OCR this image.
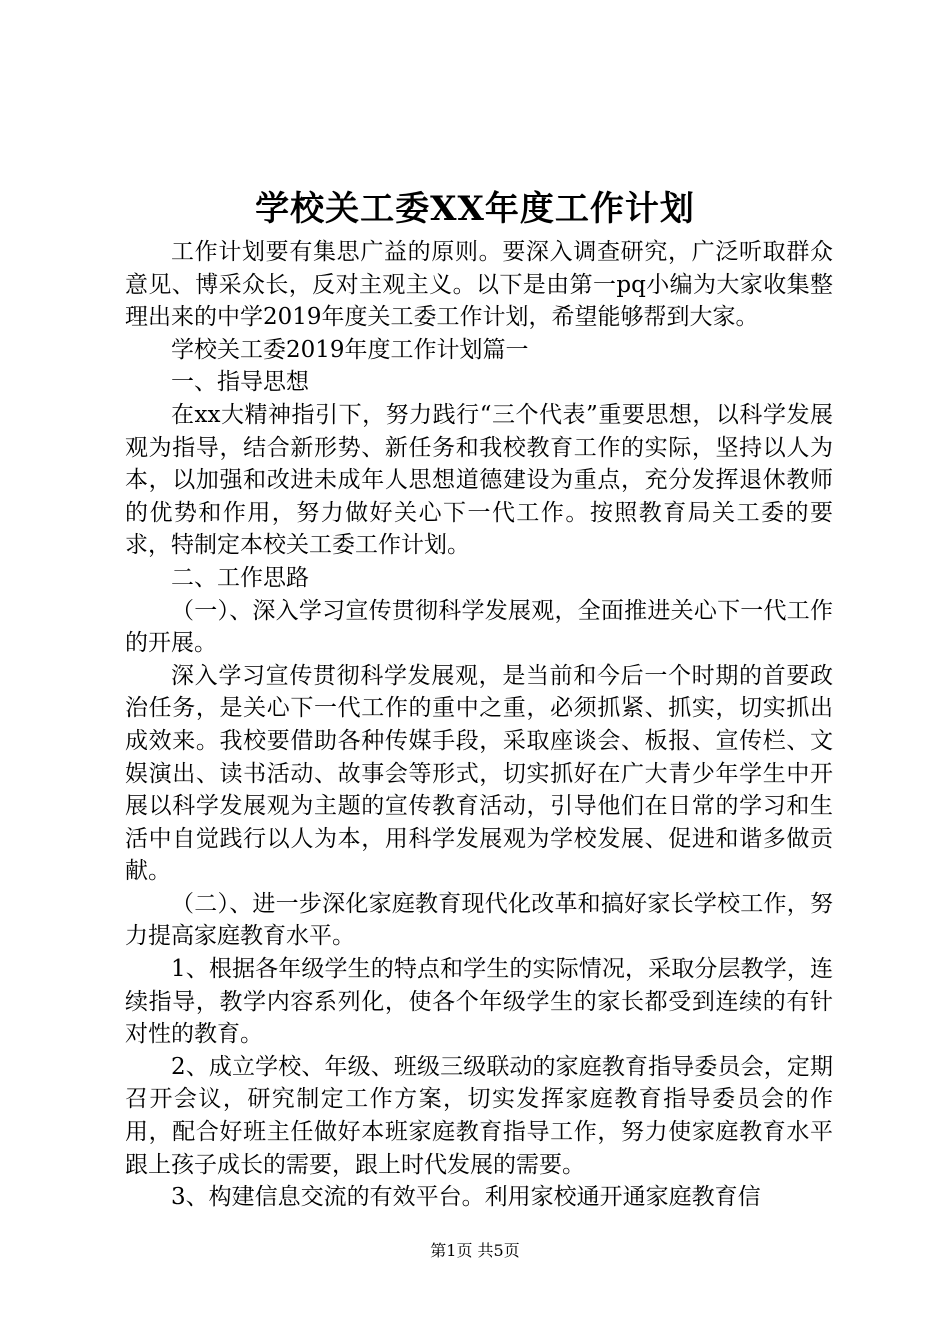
学校关工委XX年度工作计划

工作计划要有集思广益的原则。要深入调查研究，广泛听取群众意见、博采众长，反对主观主义。以下是由第一pq小编为大家收集整理出来的中学2019年度关工委工作计划，希望能够帮到大家。

学校关工委2019年度工作计划篇一

一、指导思想

在xx大精神指引下，努力践行“三个代表”重要思想，以科学发展观为指导，结合新形势、新任务和我校教育工作的实际，坚持以人为本，以加强和改进未成年人思想道德建设为重点，充分发挥退休教师的优势和作用，努力做好关心下一代工作。按照教育局关工委的要求，特制定本校关工委工作计划。

二、工作思路

（一）、深入学习宣传贯彻科学发展观，全面推进关心下一代工作的开展。

深入学习宣传贯彻科学发展观，是当前和今后一个时期的首要政治任务，是关心下一代工作的重中之重，必须抓紧、抓实，切实抓出成效来。我校要借助各种传媒手段，采取座谈会、板报、宣传栏、文娱演出、读书活动、故事会等形式，切实抓好在广大青少年学生中开展以科学发展观为主题的宣传教育活动，引导他们在日常的学习和生活中自觉践行以人为本，用科学发展观为学校发展、促进和谐多做贡献。

（二）、进一步深化家庭教育现代化改革和搞好家长学校工作，努力提高家庭教育水平。

1、根据各年级学生的特点和学生的实际情况，采取分层教学，连续指导，教学内容系列化，使各个年级学生的家长都受到连续的有针对性的教育。

2、成立学校、年级、班级三级联动的家庭教育指导委员会，定期召开会议，研究制定工作方案，切实发挥家庭教育指导委员会的作用，配合好班主任做好本班家庭教育指导工作，努力使家庭教育水平跟上孩子成长的需要，跟上时代发展的需要。

3、构建信息交流的有效平台。利用家校通开通家庭教育信

第1页 共5页
